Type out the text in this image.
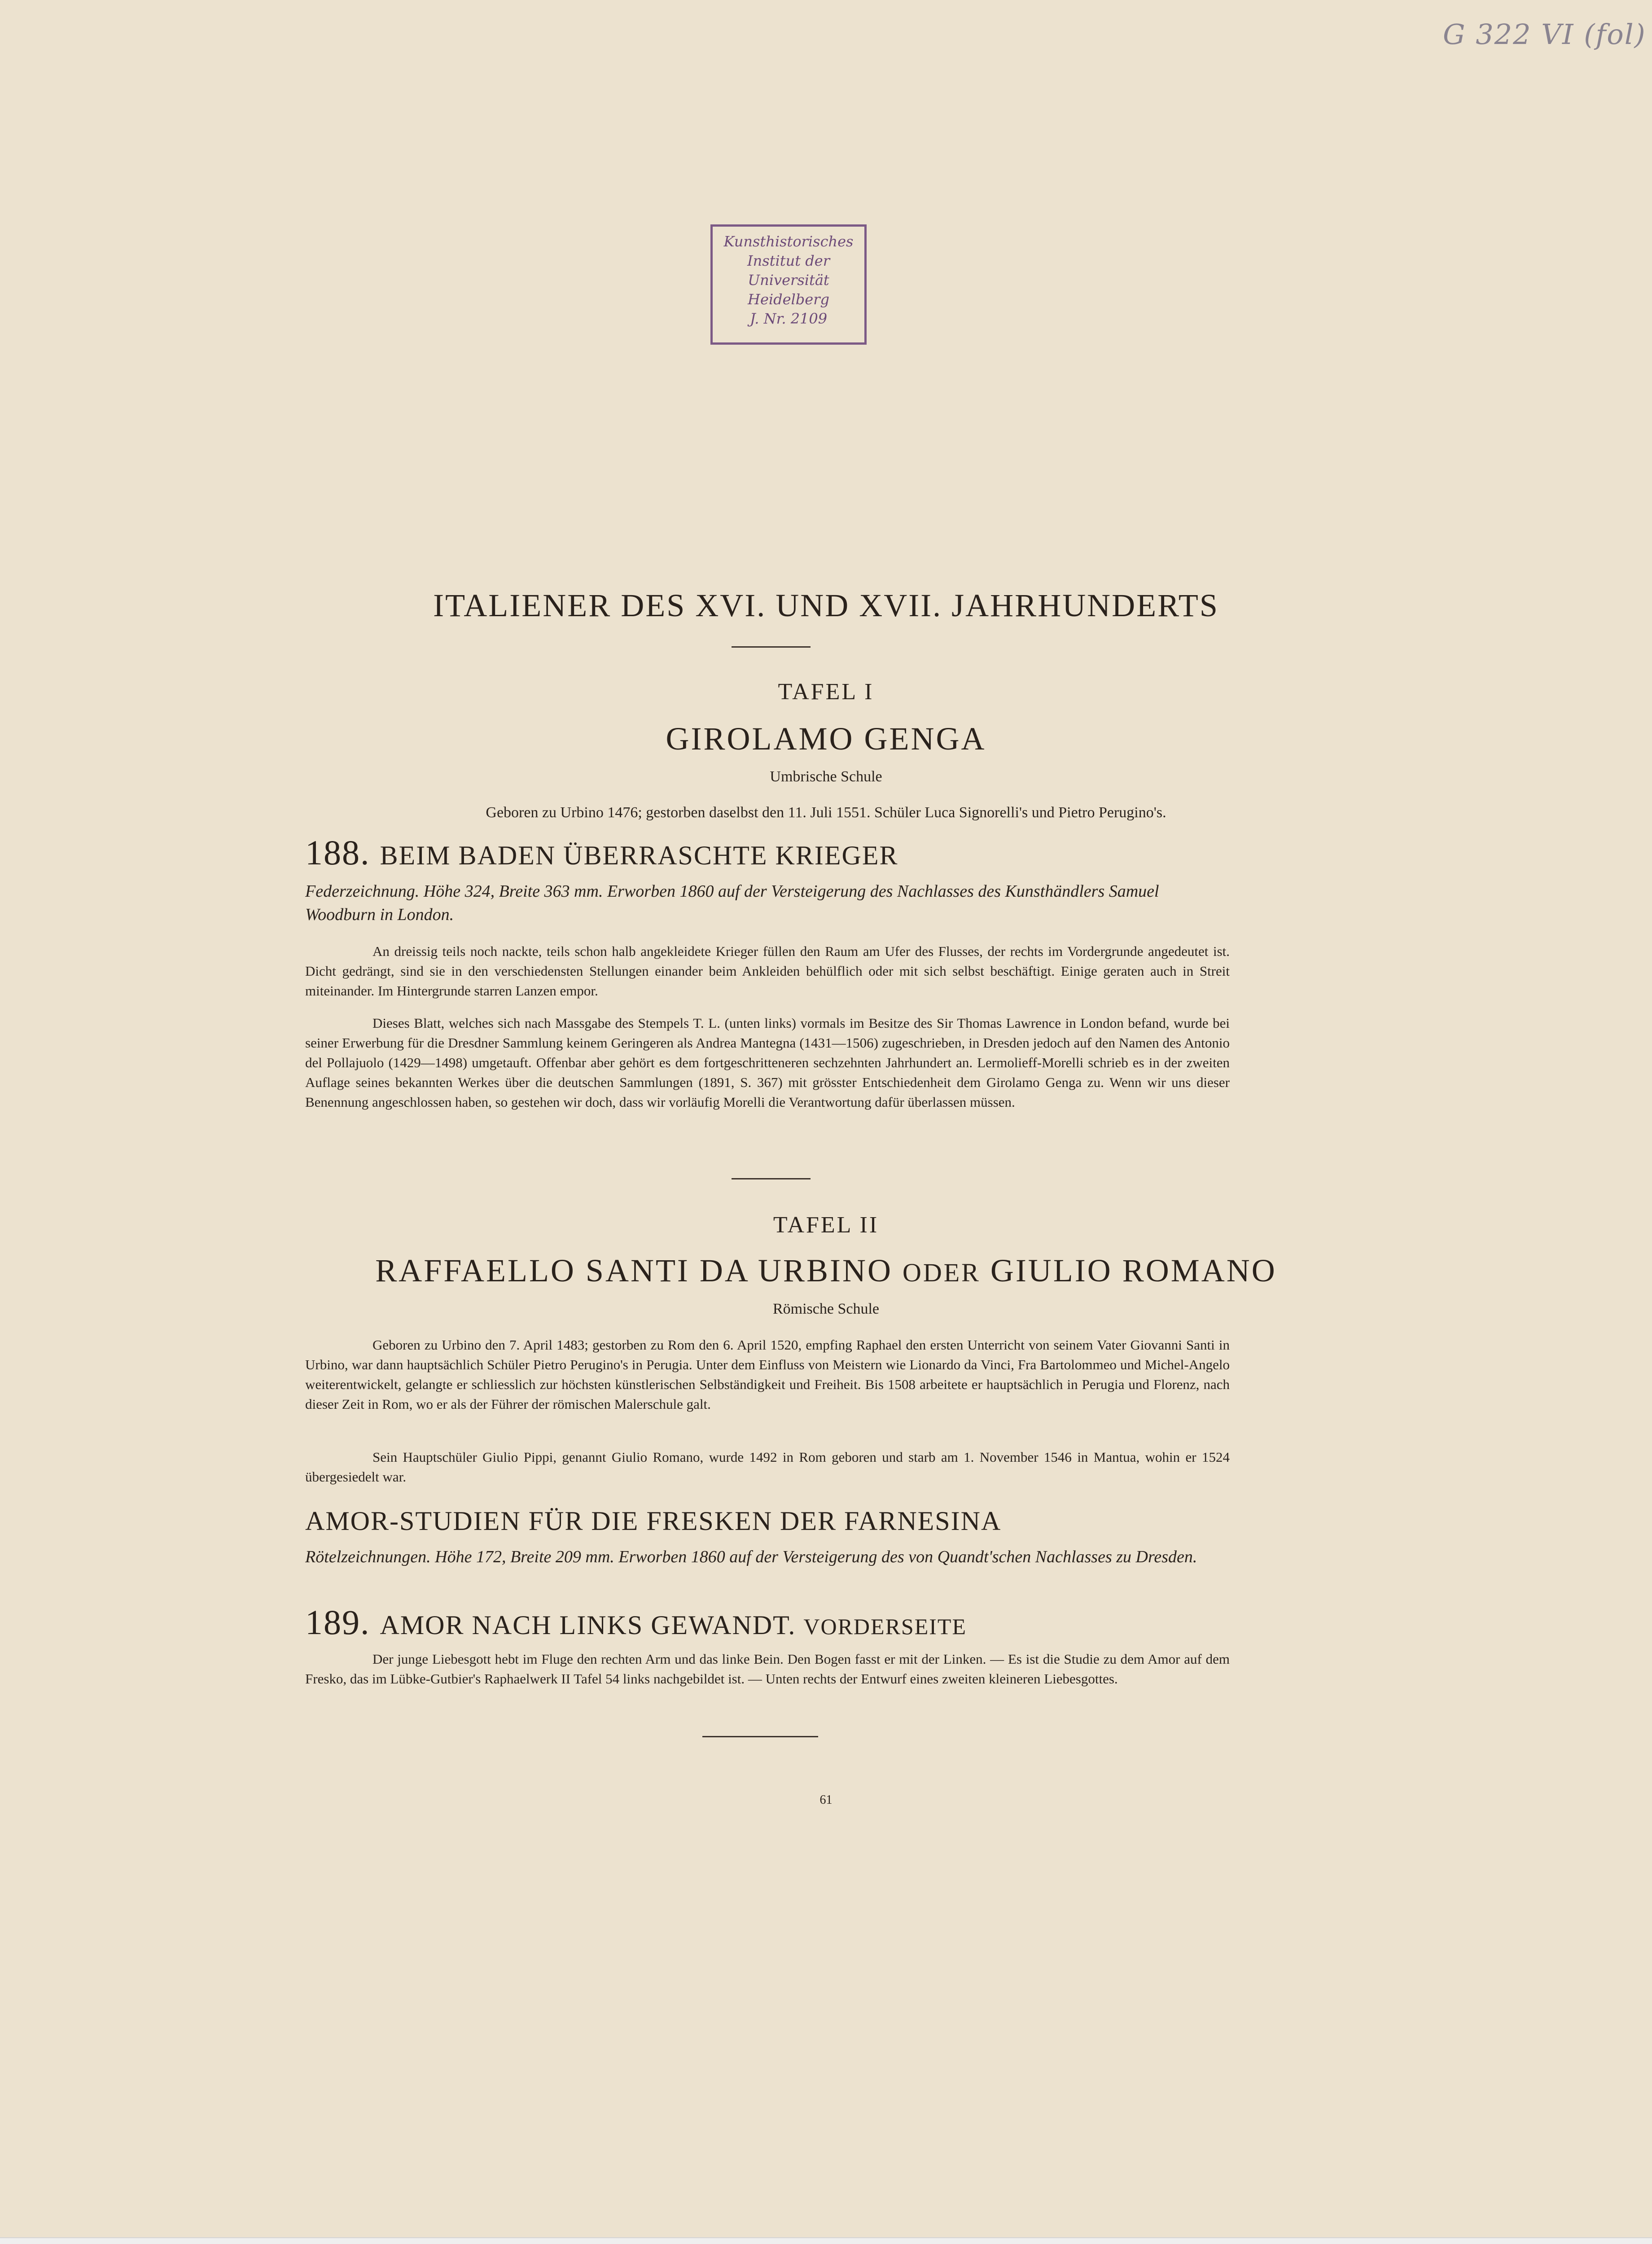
G 322 VI (fol)
Kunsthistorisches
Institut der
Universität
Heidelberg
J. Nr. 2109
ITALIENER DES XVI. UND XVII. JAHRHUNDERTS
TAFEL I
GIROLAMO GENGA
Umbrische Schule
Geboren zu Urbino 1476; gestorben daselbst den 11. Juli 1551. Schüler Luca Signorelli's und Pietro Perugino's.
188. BEIM BADEN ÜBERRASCHTE KRIEGER
Federzeichnung. Höhe 324, Breite 363 mm. Erworben 1860 auf der Versteigerung des Nachlasses des Kunsthändlers Samuel Woodburn in London.
An dreissig teils noch nackte, teils schon halb angekleidete Krieger füllen den Raum am Ufer des Flusses, der rechts im Vordergrunde angedeutet ist. Dicht gedrängt, sind sie in den verschiedensten Stellungen einander beim Ankleiden behülflich oder mit sich selbst beschäftigt. Einige geraten auch in Streit miteinander. Im Hintergrunde starren Lanzen empor.
Dieses Blatt, welches sich nach Massgabe des Stempels T. L. (unten links) vormals im Besitze des Sir Thomas Lawrence in London befand, wurde bei seiner Erwerbung für die Dresdner Sammlung keinem Geringeren als Andrea Mantegna (1431—1506) zugeschrieben, in Dresden jedoch auf den Namen des Antonio del Pollajuolo (1429—1498) umgetauft. Offenbar aber gehört es dem fortgeschritteneren sechzehnten Jahrhundert an. Lermolieff-Morelli schrieb es in der zweiten Auflage seines bekannten Werkes über die deutschen Sammlungen (1891, S. 367) mit grösster Entschiedenheit dem Girolamo Genga zu. Wenn wir uns dieser Benennung angeschlossen haben, so gestehen wir doch, dass wir vorläufig Morelli die Verantwortung dafür überlassen müssen.
TAFEL II
RAFFAELLO SANTI DA URBINO ODER GIULIO ROMANO
Römische Schule
Geboren zu Urbino den 7. April 1483; gestorben zu Rom den 6. April 1520, empfing Raphael den ersten Unterricht von seinem Vater Giovanni Santi in Urbino, war dann hauptsächlich Schüler Pietro Perugino's in Perugia. Unter dem Einfluss von Meistern wie Lionardo da Vinci, Fra Bartolommeo und Michel-Angelo weiterentwickelt, gelangte er schliesslich zur höchsten künstlerischen Selbständigkeit und Freiheit. Bis 1508 arbeitete er hauptsächlich in Perugia und Florenz, nach dieser Zeit in Rom, wo er als der Führer der römischen Malerschule galt.
Sein Hauptschüler Giulio Pippi, genannt Giulio Romano, wurde 1492 in Rom geboren und starb am 1. November 1546 in Mantua, wohin er 1524 übergesiedelt war.
AMOR-STUDIEN FÜR DIE FRESKEN DER FARNESINA
Rötelzeichnungen. Höhe 172, Breite 209 mm. Erworben 1860 auf der Versteigerung des von Quandt'schen Nachlasses zu Dresden.
189. AMOR NACH LINKS GEWANDT. VORDERSEITE
Der junge Liebesgott hebt im Fluge den rechten Arm und das linke Bein. Den Bogen fasst er mit der Linken. — Es ist die Studie zu dem Amor auf dem Fresko, das im Lübke-Gutbier's Raphaelwerk II Tafel 54 links nachgebildet ist. — Unten rechts der Entwurf eines zweiten kleineren Liebesgottes.
61
